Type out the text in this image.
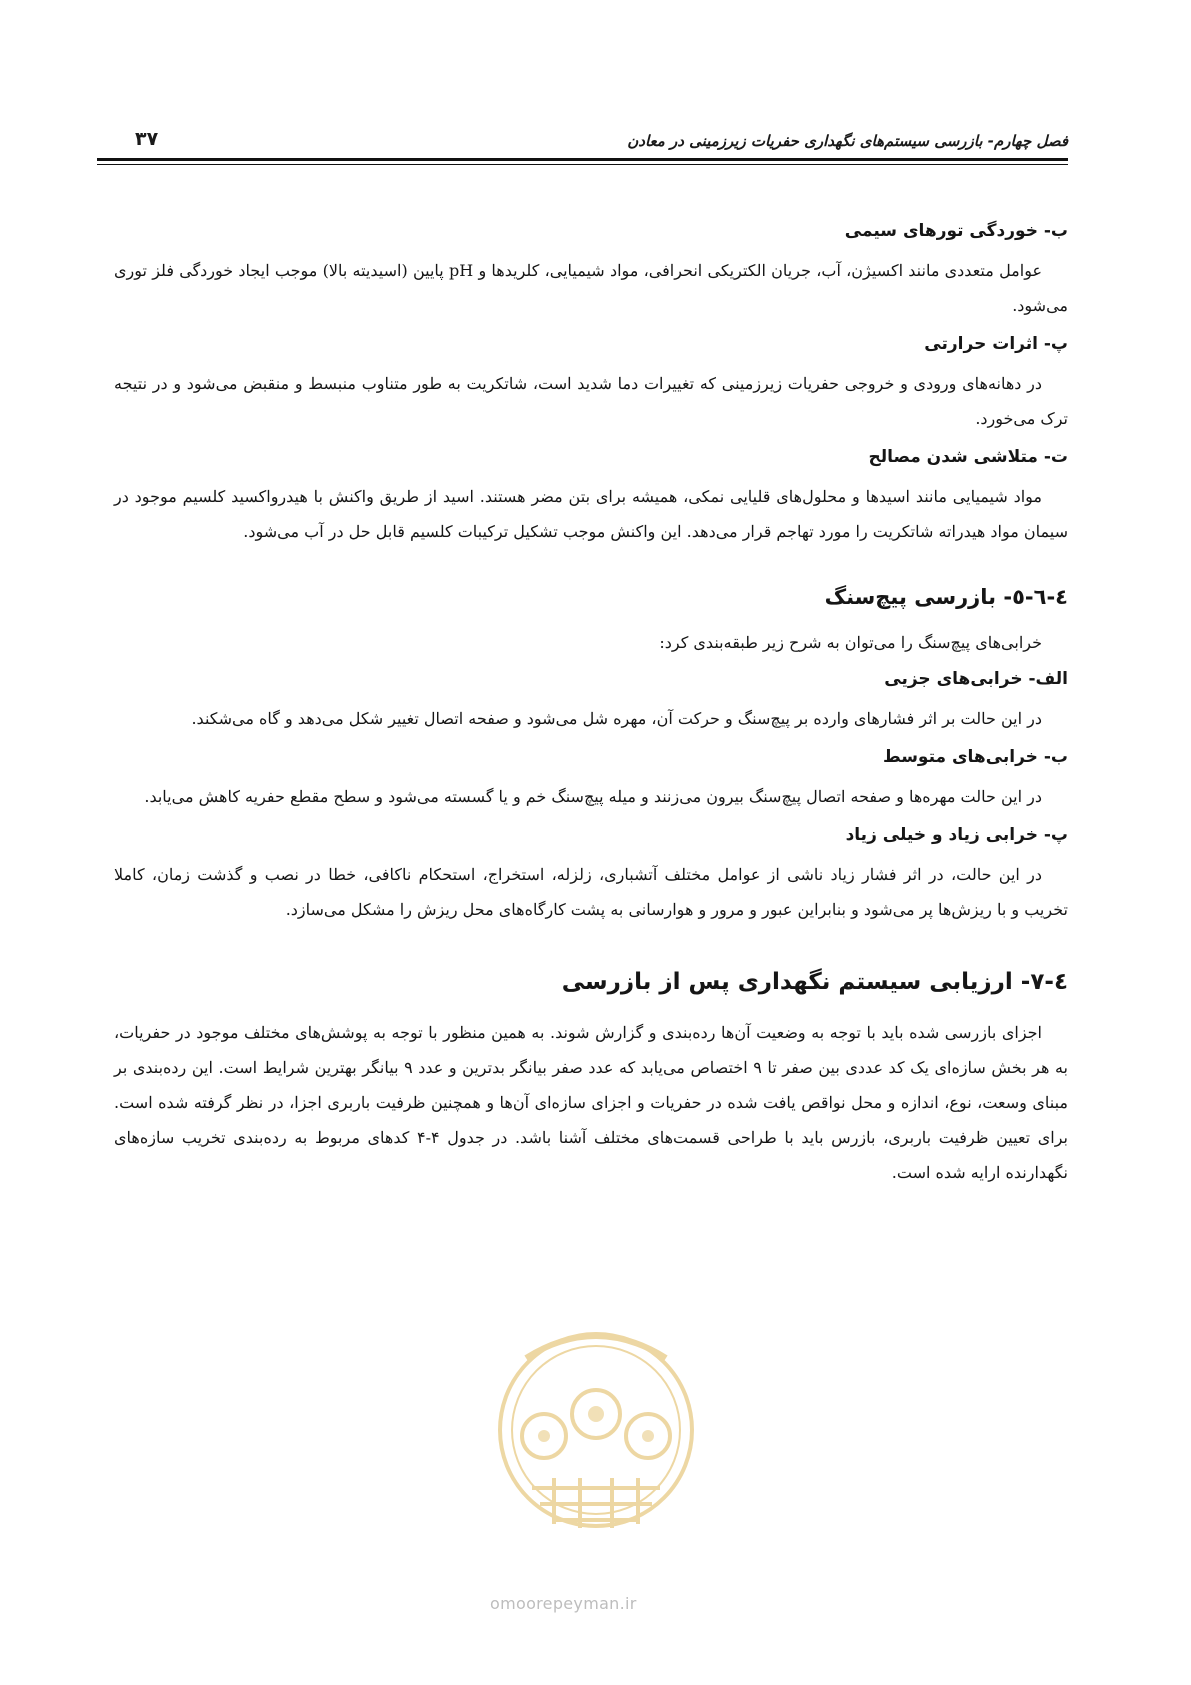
فصل چهارم- بازرسی سیستم‌های نگهداری حفریات زیرزمینی در معادن
۳۷
ب- خوردگی تورهای سیمی

عوامل متعددی مانند اکسیژن، آب، جریان الکتریکی انحرافی، مواد شیمیایی، کلریدها و pH پایین (اسیدیته بالا) موجب ایجاد خوردگی فلز توری می‌شود.

پ- اثرات حرارتی

در دهانه‌های ورودی و خروجی حفریات زیرزمینی که تغییرات دما شدید است، شاتکریت به طور متناوب منبسط و منقبض می‌شود و در نتیجه ترک می‌خورد.

ت- متلاشی شدن مصالح

مواد شیمیایی مانند اسیدها و محلول‌های قلیایی نمکی، همیشه برای بتن مضر هستند. اسید از طریق واکنش با هیدرواکسید کلسیم موجود در سیمان مواد هیدراته شاتکریت را مورد تهاجم قرار می‌دهد. این واکنش موجب تشکیل ترکیبات کلسیم قابل حل در آب می‌شود.

٤-٦-٥- بازرسی پیچ‌سنگ

خرابی‌های پیچ‌سنگ را می‌توان به شرح زیر طبقه‌بندی کرد:

الف- خرابی‌های جزیی

در این حالت بر اثر فشارهای وارده بر پیچ‌سنگ و حرکت آن، مهره شل می‌شود و صفحه اتصال تغییر شکل می‌دهد و گاه می‌شکند.

ب- خرابی‌های متوسط

در این حالت مهره‌ها و صفحه اتصال پیچ‌سنگ بیرون می‌زنند و میله پیچ‌سنگ خم و یا گسسته می‌شود و سطح مقطع حفریه کاهش می‌یابد.

پ- خرابی زیاد و خیلی زیاد

در این حالت، در اثر فشار زیاد ناشی از عوامل مختلف آتشباری، زلزله، استخراج، استحکام ناکافی، خطا در نصب و گذشت زمان، کاملا تخریب و با ریزش‌ها پر می‌شود و بنابراین عبور و مرور و هوارسانی به پشت کارگاه‌های محل ریزش را مشکل می‌سازد.

٤-٧- ارزیابی سیستم نگهداری پس از بازرسی

اجزای بازرسی شده باید با توجه به وضعیت آن‌ها رده‌بندی و گزارش شوند. به همین منظور با توجه به پوشش‌های مختلف موجود در حفریات، به هر بخش سازه‌ای یک کد عددی بین صفر تا ۹ اختصاص می‌یابد که عدد صفر بیانگر بدترین و عدد ۹ بیانگر بهترین شرایط است. این رده‌بندی بر مبنای وسعت، نوع، اندازه و محل نواقص یافت شده در حفریات و اجزای سازه‌ای آن‌ها و همچنین ظرفیت باربری اجزا، در نظر گرفته شده است. برای تعیین ظرفیت باربری، بازرس باید با طراحی قسمت‌های مختلف آشنا باشد. در جدول ۴-۴ کدهای مربوط به رده‌بندی تخریب سازه‌های نگهدارنده ارایه شده است.

omoorepeyman.ir
